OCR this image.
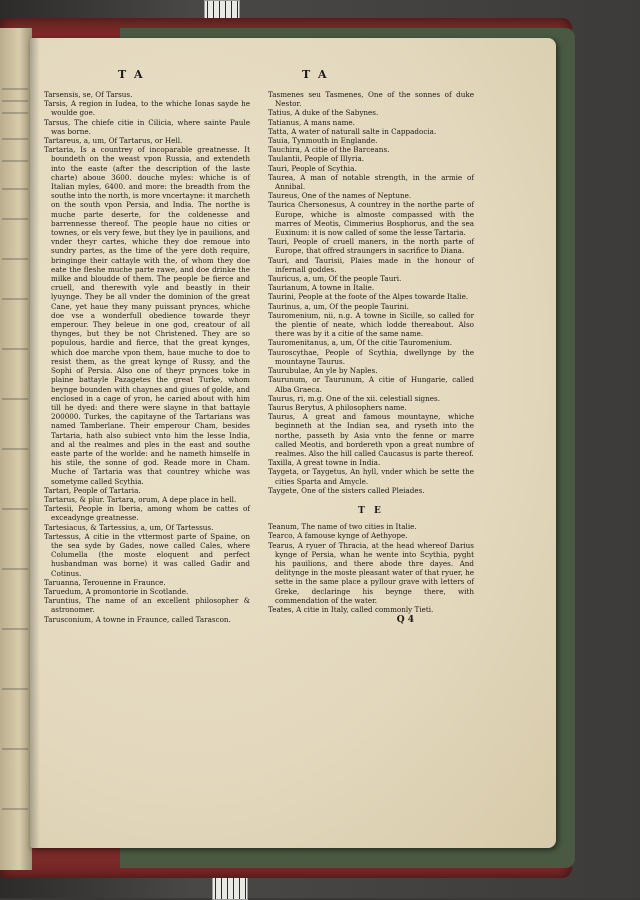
T A	T A

Tarsensis, se, Of Tarsus.

Tarsis, A region in Iudea, to the whiche Ionas sayde he woulde goe.

Tarsus, The chiefe citie in Cilicia, where sainte Paule was borne.

Tartareus, a, um, Of Tartarus, or Hell.

Tartaria, Is a countrey of incoparable greatnesse. It boundeth on the weast vpon Russia, and extendeth into the easte (after the description of the laste charte) aboue 3600. douche myles: whiche is of Italian myles, 6400. and more: the breadth from the southe into the north, is more vncertayne: it marcheth on the south vpon Persia, and India. The northe is muche parte deserte, for the coldenesse and barrennesse thereof. The people haue no cities or townes, or els very fewe, but they lye in pauilions, and vnder theyr cartes, whiche they doe remoue into sundry partes, as the time of the yere doth require, bringinge their cattayle with the, of whom they doe eate the fleshe muche parte rawe, and doe drinke the milke and bloudde of them. The people be fierce and cruell, and therewith vyle and beastly in their lyuynge. They be all vnder the dominion of the great Cane, yet haue they many puissant prynces, whiche doe vse a wonderfull obedience towarde theyr emperour. They beleue in one god, creatour of all thynges, but they be not Christened. They are so populous, hardie and fierce, that the great kynges, which doe marche vpon them, haue muche to doe to resist them, as the great kynge of Russy, and the Sophi of Persia. Also one of theyr prynces toke in plaine battayle Pazagetes the great Turke, whom beynge bounden with chaynes and giues of golde, and enclosed in a cage of yron, he caried about with him till he dyed: and there were slayne in that battayle 200000. Turkes, the capitayne of the Tartarians was named Tamberlane. Their emperour Cham, besides Tartaria, hath also subiect vnto him the lesse India, and al the realmes and ples in the east and southe easte parte of the worlde: and he nameth himselfe in his stile, the sonne of god. Reade more in Cham. Muche of Tartaria was that countrey whiche was sometyme called Scythia.

Tartari, People of Tartaria.

Tartarus, & plur. Tartara, orum, A depe place in hell.

Tartesii, People in Iberia, among whom be cattes of exceadynge greatnesse.

Tartesiacus, & Tartessius, a, um, Of Tartessus.

Tartessus, A citie in the vttermost parte of Spaine, on the sea syde by Gades, nowe called Cales, where Columella (the moste eloquent and perfect husbandman was borne) it was called Gadir and Cotinus.

Taruanna, Terouenne in Fraunce.

Taruedum, A promontorie in Scotlande.

Taruntius, The name of an excellent philosopher & astronomer.

Tarusconium, A towne in Fraunce, called Tarascon.

Tasmenes seu Tasmenes, One of the sonnes of duke Nestor.

Tatius, A duke of the Sabynes.

Tatianus, A mans name.

Tatta, A water of naturall salte in Cappadocia.

Tauia, Tynmouth in Englande.

Tauchira, A citie of the Barceans.

Taulantii, People of Illyria.

Tauri, People of Scythia.

Taurea, A man of notable strength, in the armie of Annibal.

Taureus, One of the names of Neptune.

Taurica Chersonesus, A countrey in the northe parte of Europe, whiche is almoste compassed with the marres of Meotis, Cimmerius Bosphorus, and the sea Euxinum: it is now called of some the lesse Tartaria.

Tauri, People of cruell maners, in the north parte of Europe, that offred straungers in sacrifice to Diana.

Tauri, and Taurisii, Plaies made in the honour of infernall goddes.

Tauricus, a, um, Of the people Tauri.

Taurianum, A towne in Italie.

Taurini, People at the foote of the Alpes towarde Italie.

Taurinus, a, um, Of the people Taurini.

Tauromenium, nii, n.g. A towne in Sicille, so called for the plentie of neate, which lodde thereabout. Also there was by it a citie of the same name.

Tauromenitanus, a, um, Of the citie Tauromenium.

Tauroscythae, People of Scythia, dwellynge by the mountayne Taurus.

Taurubulae, An yle by Naples.

Taurunum, or Taurunum, A citie of Hungarie, called Alba Graeca.

Taurus, ri, m.g. One of the xii. celestiall signes.

Taurus Berytus, A philosophers name.

Taurus, A great and famous mountayne, whiche beginneth at the Indian sea, and ryseth into the northe, passeth by Asia vnto the fenne or marre called Meotis, and bordereth vpon a great numbre of realmes. Also the hill called Caucasus is parte thereof.

Taxilla, A great towne in India.

Taygeta, or Taygetus, An hyll, vnder which be sette the cities Sparta and Amycle.

Taygete, One of the sisters called Pleiades.

T E

Teanum, The name of two cities in Italie.

Tearco, A famouse kynge of Aethyope.

Tearus, A ryuer of Thracia, at the head whereof Darius kynge of Persia, whan he wente into Scythia, pyght his pauilions, and there abode thre dayes. And delitynge in the moste pleasant water of that ryuer, he sette in the same place a pyllour grave with letters of Greke, declaringe his beynge there, with commendation of the water.

Teates, A citie in Italy, called commonly Tieti.

Q 4
